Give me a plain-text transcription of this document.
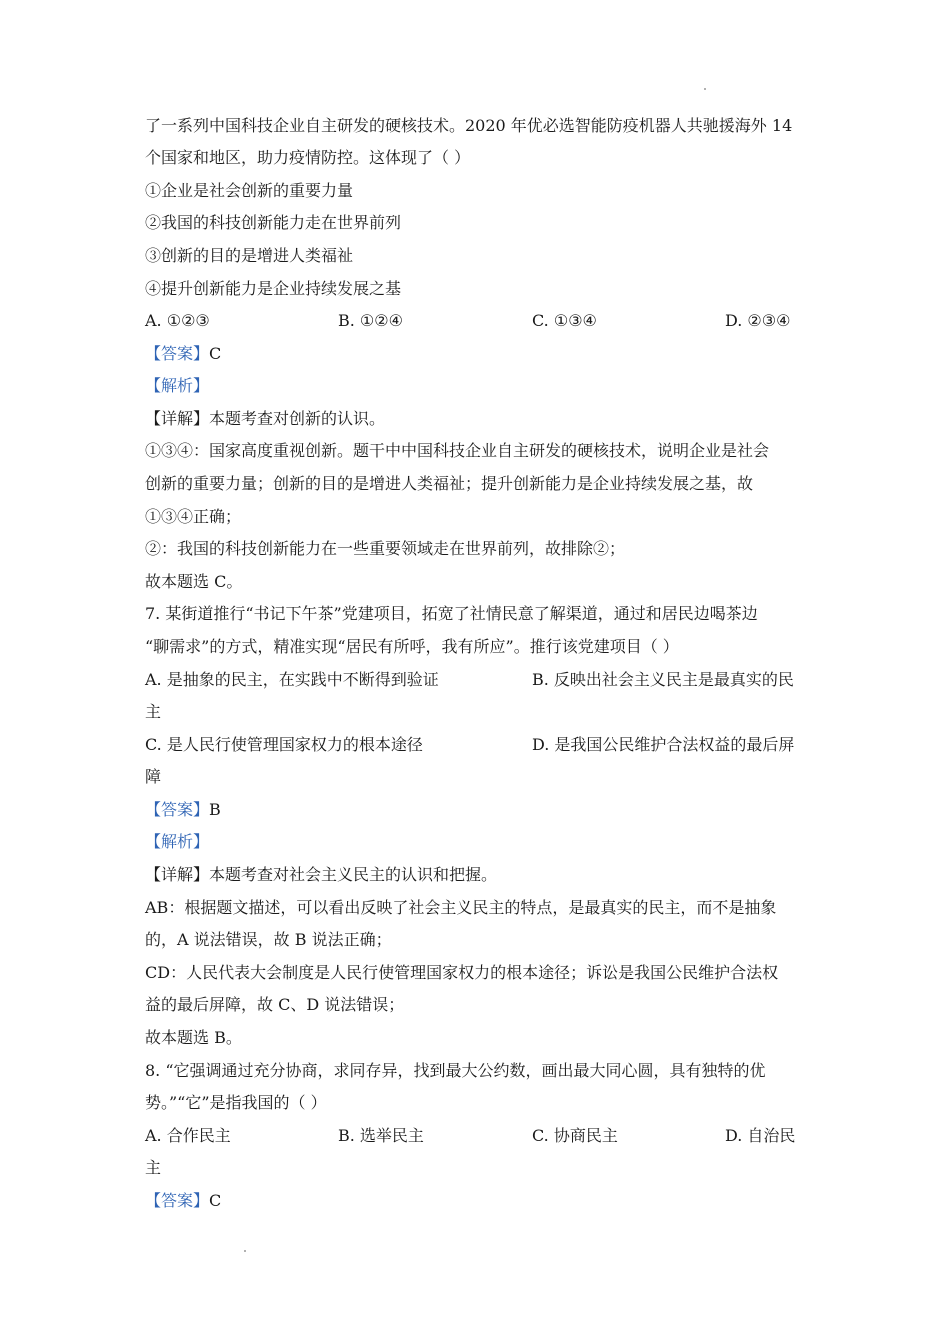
了一系列中国科技企业自主研发的硬核技术。2020 年优必选智能防疫机器人共驰援海外 14
个国家和地区，助力疫情防控。这体现了（ ）
①企业是社会创新的重要力量
②我国的科技创新能力走在世界前列
③创新的目的是增进人类福祉
④提升创新能力是企业持续发展之基
A. ①②③	B. ①②④	C. ①③④	D. ②③④
【答案】C
【解析】
【详解】本题考查对创新的认识。
①③④：国家高度重视创新。题干中中国科技企业自主研发的硬核技术，说明企业是社会
创新的重要力量；创新的目的是增进人类福祉；提升创新能力是企业持续发展之基，故
①③④正确；
②：我国的科技创新能力在一些重要领域走在世界前列，故排除②；
故本题选 C。
7. 某街道推行“书记下午茶”党建项目，拓宽了社情民意了解渠道，通过和居民边喝茶边
“聊需求”的方式，精准实现“居民有所呼，我有所应”。推行该党建项目（ ）
A. 是抽象的民主，在实践中不断得到验证	B. 反映出社会主义民主是最真实的民
主
C. 是人民行使管理国家权力的根本途径	D. 是我国公民维护合法权益的最后屏
障
【答案】B
【解析】
【详解】本题考查对社会主义民主的认识和把握。
AB：根据题文描述，可以看出反映了社会主义民主的特点，是最真实的民主，而不是抽象
的，A 说法错误，故 B 说法正确；
CD：人民代表大会制度是人民行使管理国家权力的根本途径；诉讼是我国公民维护合法权
益的最后屏障，故 C、D 说法错误；
故本题选 B。
8. “它强调通过充分协商，求同存异，找到最大公约数，画出最大同心圆，具有独特的优
势。”“它”是指我国的（ ）
A. 合作民主	B. 选举民主	C. 协商民主	D. 自治民
主
【答案】C
